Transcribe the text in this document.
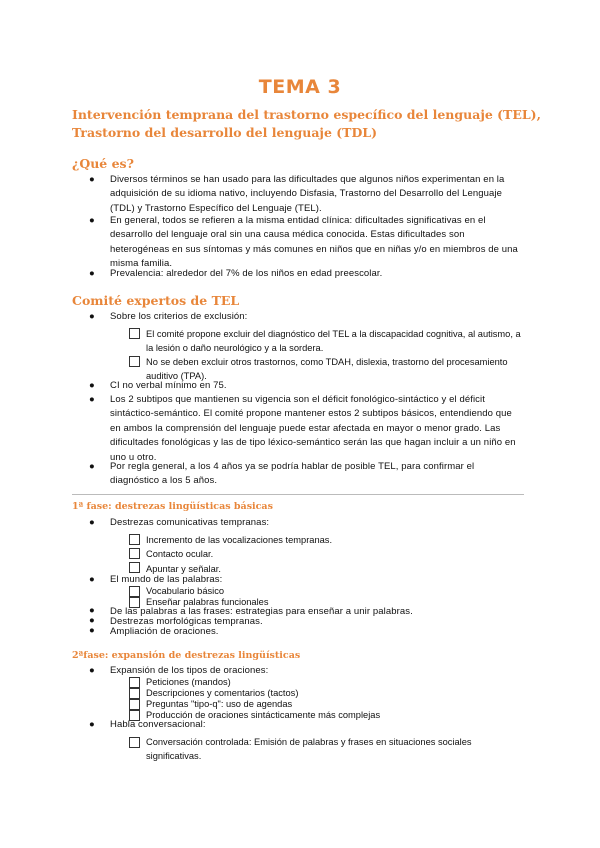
TEMA 3
Intervención temprana del trastorno específico del lenguaje (TEL),
Trastorno del desarrollo del lenguaje (TDL)
¿Qué es?
● Diversos términos se han usado para las dificultades que algunos niños experimentan en la adquisición de su idioma nativo, incluyendo Disfasia, Trastorno del Desarrollo del Lenguaje (TDL) y Trastorno Específico del Lenguaje (TEL).
● En general, todos se refieren a la misma entidad clínica: dificultades significativas en el desarrollo del lenguaje oral sin una causa médica conocida. Estas dificultades son heterogéneas en sus síntomas y más comunes en niños que en niñas y/o en miembros de una misma familia.
● Prevalencia: alrededor del 7% de los niños en edad preescolar.
Comité expertos de TEL
● Sobre los criterios de exclusión:
El comité propone excluir del diagnóstico del TEL a la discapacidad cognitiva, al autismo, a la lesión o daño neurológico y a la sordera.
No se deben excluir otros trastornos, como TDAH, dislexia, trastorno del procesamiento auditivo (TPA).
● CI no verbal mínimo en 75.
● Los 2 subtipos que mantienen su vigencia son el déficit fonológico-sintáctico y el déficit sintáctico-semántico. El comité propone mantener estos 2 subtipos básicos, entendiendo que en ambos la comprensión del lenguaje puede estar afectada en mayor o menor grado. Las dificultades fonológicas y las de tipo léxico-semántico serán las que hagan incluir a un niño en uno u otro.
● Por regla general, a los 4 años ya se podría hablar de posible TEL, para confirmar el diagnóstico a los 5 años.
1ª fase: destrezas lingüísticas básicas
● Destrezas comunicativas tempranas:
Incremento de las vocalizaciones tempranas.
Contacto ocular.
Apuntar y señalar.
● El mundo de las palabras:
Vocabulario básico
Enseñar palabras funcionales
● De las palabras a las frases: estrategias para enseñar a unir palabras.
● Destrezas morfológicas tempranas.
● Ampliación de oraciones.
2ªfase: expansión de destrezas lingüísticas
● Expansión de los tipos de oraciones:
Peticiones (mandos)
Descripciones y comentarios (tactos)
Preguntas "tipo-q": uso de agendas
Producción de oraciones sintácticamente más complejas
● Habla conversacional:
Conversación controlada: Emisión de palabras y frases en situaciones sociales significativas.
